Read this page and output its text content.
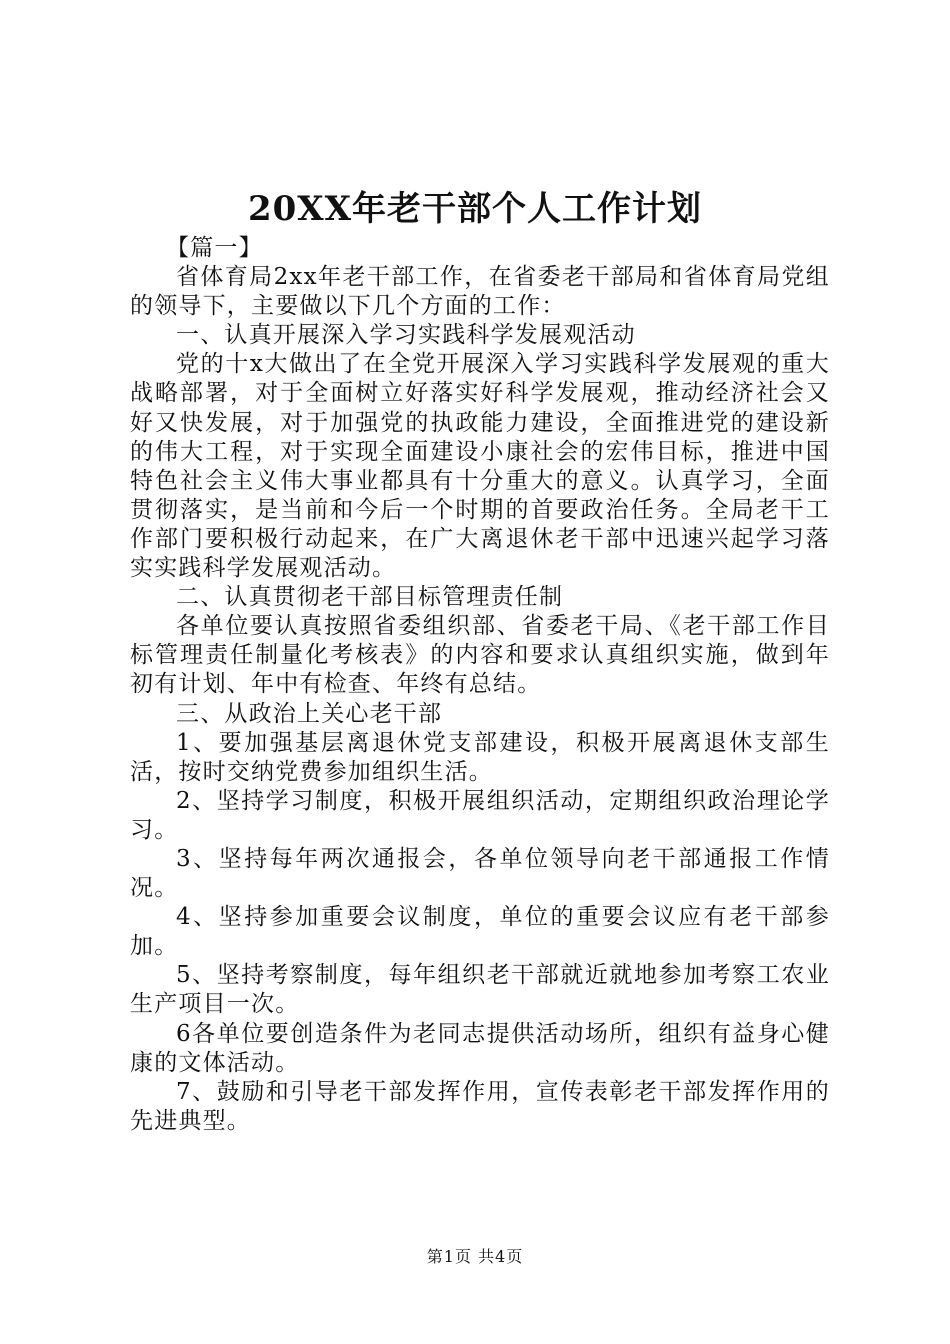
20XX年老干部个人工作计划

【篇一】

省体育局2xx年老干部工作，在省委老干部局和省体育局党组的领导下，主要做以下几个方面的工作：

一、认真开展深入学习实践科学发展观活动

党的十x大做出了在全党开展深入学习实践科学发展观的重大战略部署，对于全面树立好落实好科学发展观，推动经济社会又好又快发展，对于加强党的执政能力建设，全面推进党的建设新的伟大工程，对于实现全面建设小康社会的宏伟目标，推进中国特色社会主义伟大事业都具有十分重大的意义。认真学习，全面贯彻落实，是当前和今后一个时期的首要政治任务。全局老干工作部门要积极行动起来，在广大离退休老干部中迅速兴起学习落实实践科学发展观活动。

二、认真贯彻老干部目标管理责任制

各单位要认真按照省委组织部、省委老干局、《老干部工作目标管理责任制量化考核表》的内容和要求认真组织实施，做到年初有计划、年中有检查、年终有总结。

三、从政治上关心老干部

1、要加强基层离退休党支部建设，积极开展离退休支部生活，按时交纳党费参加组织生活。

2、坚持学习制度，积极开展组织活动，定期组织政治理论学习。

3、坚持每年两次通报会，各单位领导向老干部通报工作情况。

4、坚持参加重要会议制度，单位的重要会议应有老干部参加。

5、坚持考察制度，每年组织老干部就近就地参加考察工农业生产项目一次。

6各单位要创造条件为老同志提供活动场所，组织有益身心健康的文体活动。

7、鼓励和引导老干部发挥作用，宣传表彰老干部发挥作用的先进典型。

第1页 共4页
